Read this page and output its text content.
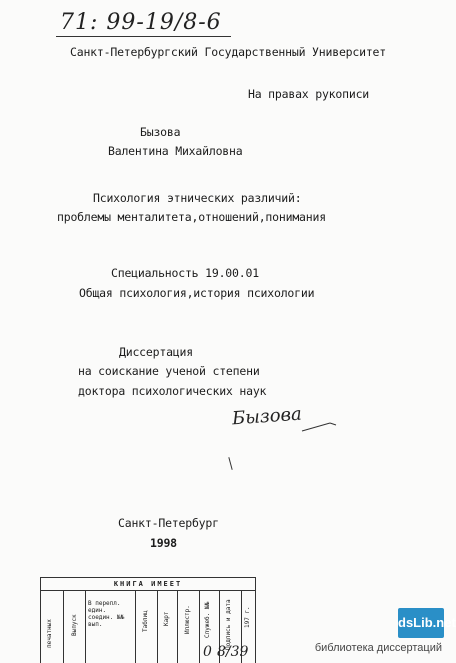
71: 99-19/8-6
Санкт-Петербургский Государственный Университет
На правах рукописи
Бызова
Валентина Михайловна
Психология этнических различий:
проблемы менталитета,отношений,понимания
Специальность 19.00.01
Общая психология,история психологии
Диссертация
на соискание ученой степени
доктора психологических наук
Бызова
Санкт-Петербург
1998
КНИГА ИМЕЕТ
печатных	Выпуск
В перепл. един. соедин. №№ вып.	Таблиц Карт Иллюстр. Служеб. №№ Подпись и дата 197 г.
0 8/39
dsLib.net
библиотека диссертаций
